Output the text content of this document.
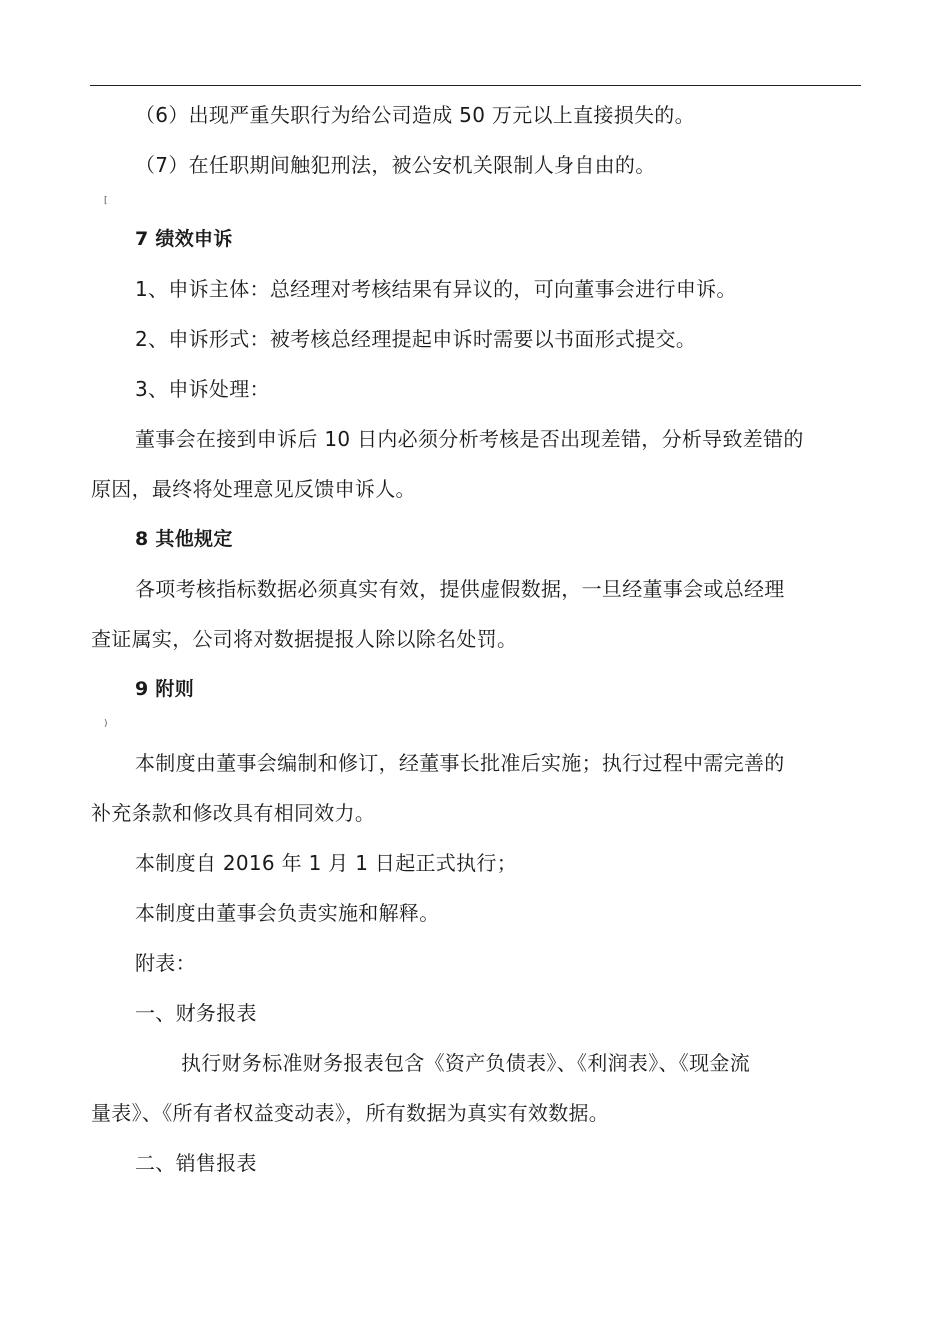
（6）出现严重失职行为给公司造成 50 万元以上直接损失的。
（7）在任职期间触犯刑法，被公安机关限制人身自由的。
[
7 绩效申诉
1、申诉主体：总经理对考核结果有异议的，可向董事会进行申诉。
2、申诉形式：被考核总经理提起申诉时需要以书面形式提交。
3、申诉处理：
董事会在接到申诉后 10 日内必须分析考核是否出现差错，分析导致差错的
原因，最终将处理意见反馈申诉人。
8 其他规定
各项考核指标数据必须真实有效，提供虚假数据，一旦经董事会或总经理
查证属实，公司将对数据提报人除以除名处罚。
9 附则
)
本制度由董事会编制和修订，经董事长批准后实施；执行过程中需完善的
补充条款和修改具有相同效力。
本制度自 2016 年 1 月 1 日起正式执行；
本制度由董事会负责实施和解释。
附表：
一、财务报表
执行财务标准财务报表包含《资产负债表》、《利润表》、《现金流
量表》、《所有者权益变动表》，所有数据为真实有效数据。
二、销售报表
